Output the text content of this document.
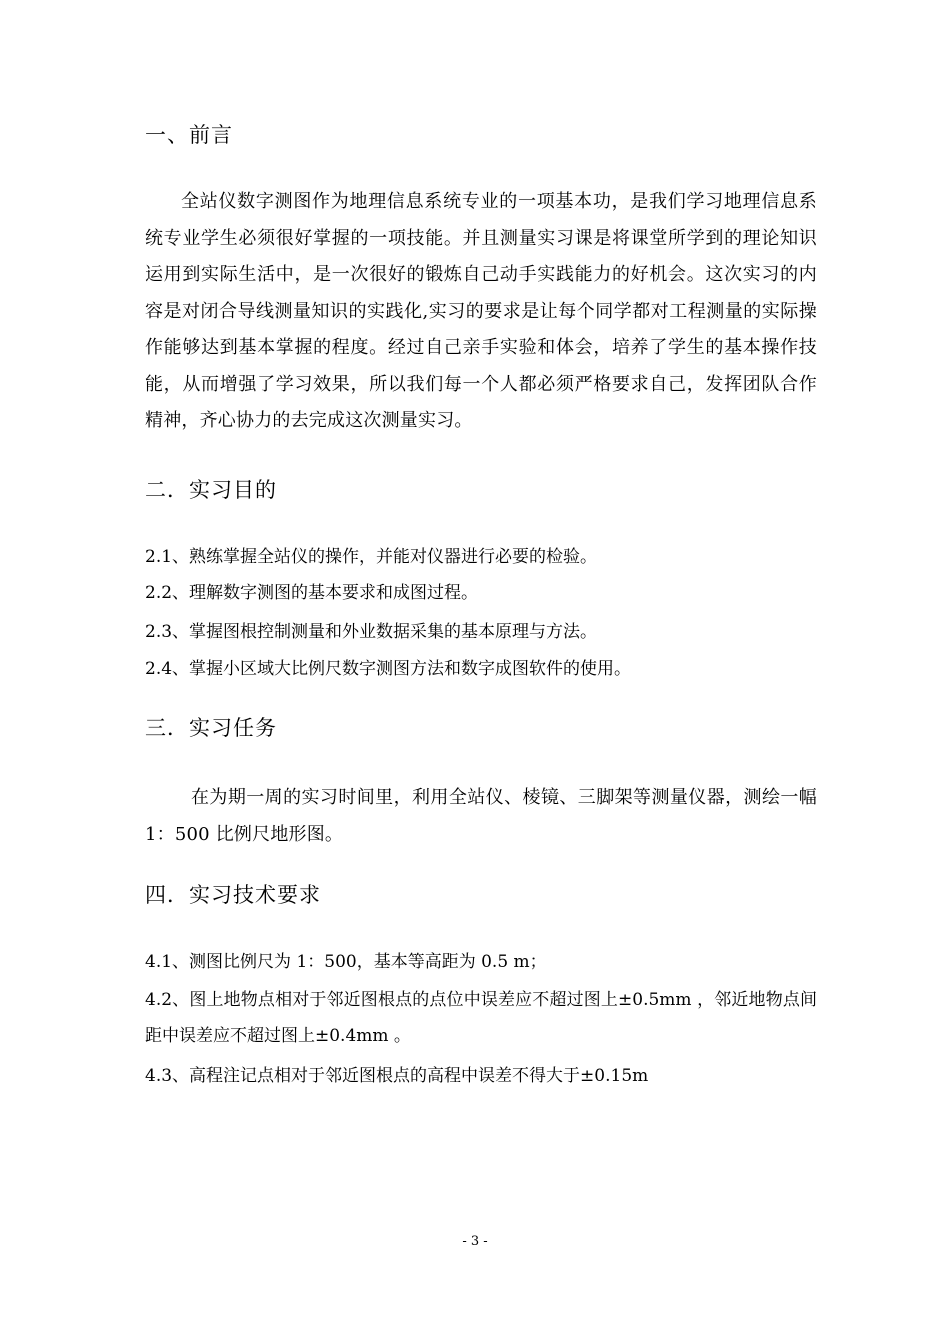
一、前言
全站仪数字测图作为地理信息系统专业的一项基本功，是我们学习地理信息系统专业学生必须很好掌握的一项技能。并且测量实习课是将课堂所学到的理论知识运用到实际生活中，是一次很好的锻炼自己动手实践能力的好机会。这次实习的内容是对闭合导线测量知识的实践化,实习的要求是让每个同学都对工程测量的实际操作能够达到基本掌握的程度。经过自己亲手实验和体会，培养了学生的基本操作技能，从而增强了学习效果，所以我们每一个人都必须严格要求自己，发挥团队合作精神，齐心协力的去完成这次测量实习。
二．实习目的
2.1、熟练掌握全站仪的操作，并能对仪器进行必要的检验。
2.2、理解数字测图的基本要求和成图过程。
2.3、掌握图根控制测量和外业数据采集的基本原理与方法。
2.4、掌握小区域大比例尺数字测图方法和数字成图软件的使用。
三．实习任务
在为期一周的实习时间里，利用全站仪、棱镜、三脚架等测量仪器，测绘一幅 1：500 比例尺地形图。
四．实习技术要求
4.1、测图比例尺为 1：500，基本等高距为 0.5 m；
4.2、图上地物点相对于邻近图根点的点位中误差应不超过图上±0.5mm ，邻近地物点间距中误差应不超过图上±0.4mm 。
4.3、高程注记点相对于邻近图根点的高程中误差不得大于±0.15m
- 3 -
